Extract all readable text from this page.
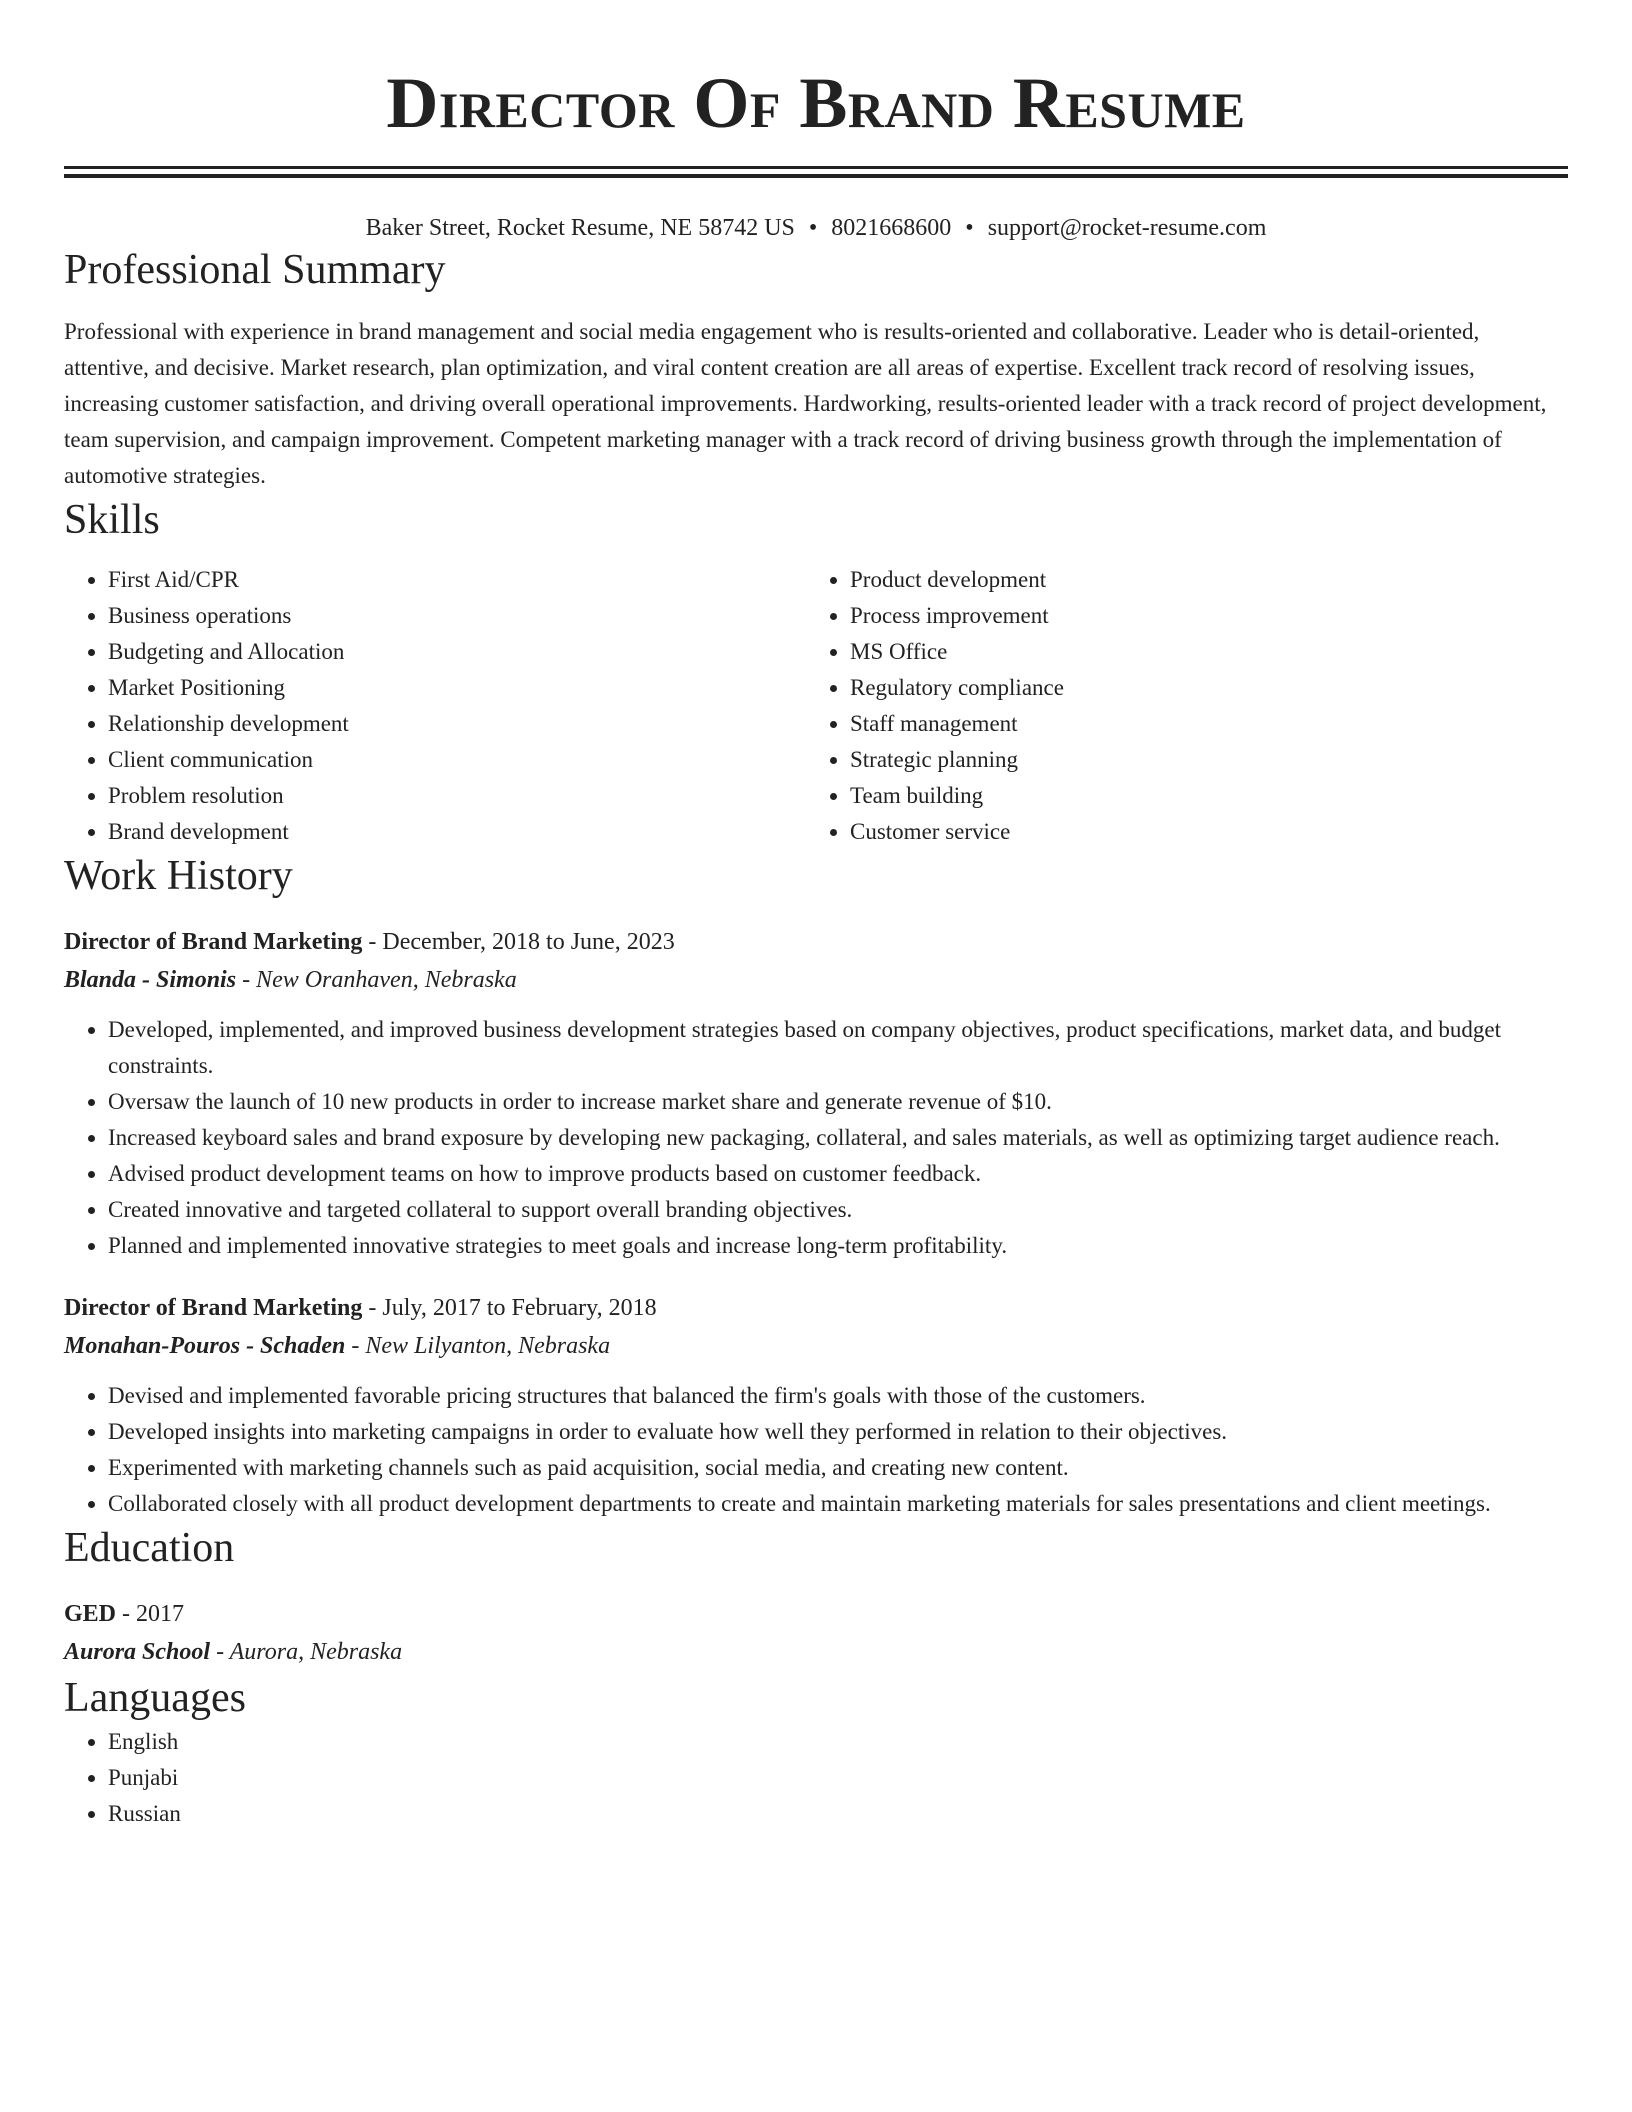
Director Of Brand Resume
Baker Street, Rocket Resume, NE 58742 US • 8021668600 • support@rocket-resume.com
Professional Summary

Professional with experience in brand management and social media engagement who is results-oriented and collaborative. Leader who is detail-oriented, attentive, and decisive. Market research, plan optimization, and viral content creation are all areas of expertise. Excellent track record of resolving issues, increasing customer satisfaction, and driving overall operational improvements. Hardworking, results-oriented leader with a track record of project development, team supervision, and campaign improvement. Competent marketing manager with a track record of driving business growth through the implementation of automotive strategies.

Skills
• First Aid/CPR
• Business operations
• Budgeting and Allocation
• Market Positioning
• Relationship development
• Client communication
• Problem resolution
• Brand development
• Product development
• Process improvement
• MS Office
• Regulatory compliance
• Staff management
• Strategic planning
• Team building
• Customer service
Work History
Director of Brand Marketing - December, 2018 to June, 2023
Blanda - Simonis - New Oranhaven, Nebraska
• Developed, implemented, and improved business development strategies based on company objectives, product specifications, market data, and budget constraints.
• Oversaw the launch of 10 new products in order to increase market share and generate revenue of $10.
• Increased keyboard sales and brand exposure by developing new packaging, collateral, and sales materials, as well as optimizing target audience reach.
• Advised product development teams on how to improve products based on customer feedback.
• Created innovative and targeted collateral to support overall branding objectives.
• Planned and implemented innovative strategies to meet goals and increase long-term profitability.
Director of Brand Marketing - July, 2017 to February, 2018
Monahan-Pouros - Schaden - New Lilyanton, Nebraska
• Devised and implemented favorable pricing structures that balanced the firm's goals with those of the customers.
• Developed insights into marketing campaigns in order to evaluate how well they performed in relation to their objectives.
• Experimented with marketing channels such as paid acquisition, social media, and creating new content.
• Collaborated closely with all product development departments to create and maintain marketing materials for sales presentations and client meetings.
Education
GED - 2017
Aurora School - Aurora, Nebraska
Languages
• English
• Punjabi
• Russian
